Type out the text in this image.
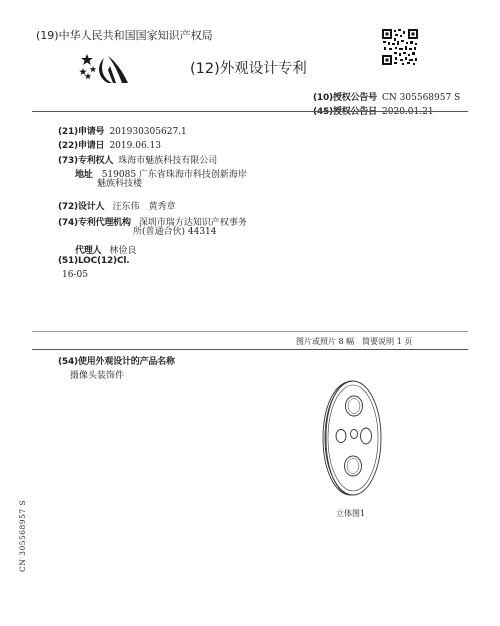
(19)中华人民共和国国家知识产权局
(12)外观设计专利
(10)授权公告号 CN 305568957 S
(45)授权公告日 2020.01.21
(21)申请号 201930305627.1
(22)申请日 2019.06.13
(73)专利权人 珠海市魅族科技有限公司
地址 519085 广东省珠海市科技创新海岸
魅族科技楼
(72)设计人 汪东伟　黄秀章
(74)专利代理机构 深圳市瑞方达知识产权事务
所(普通合伙) 44314
代理人 林俭良
(51)LOC(12)Cl.
16-05
图片或照片 8 幅　简要说明 1 页
(54)使用外观设计的产品名称
摄像头装饰件
立体图1
CN 305568957 S
